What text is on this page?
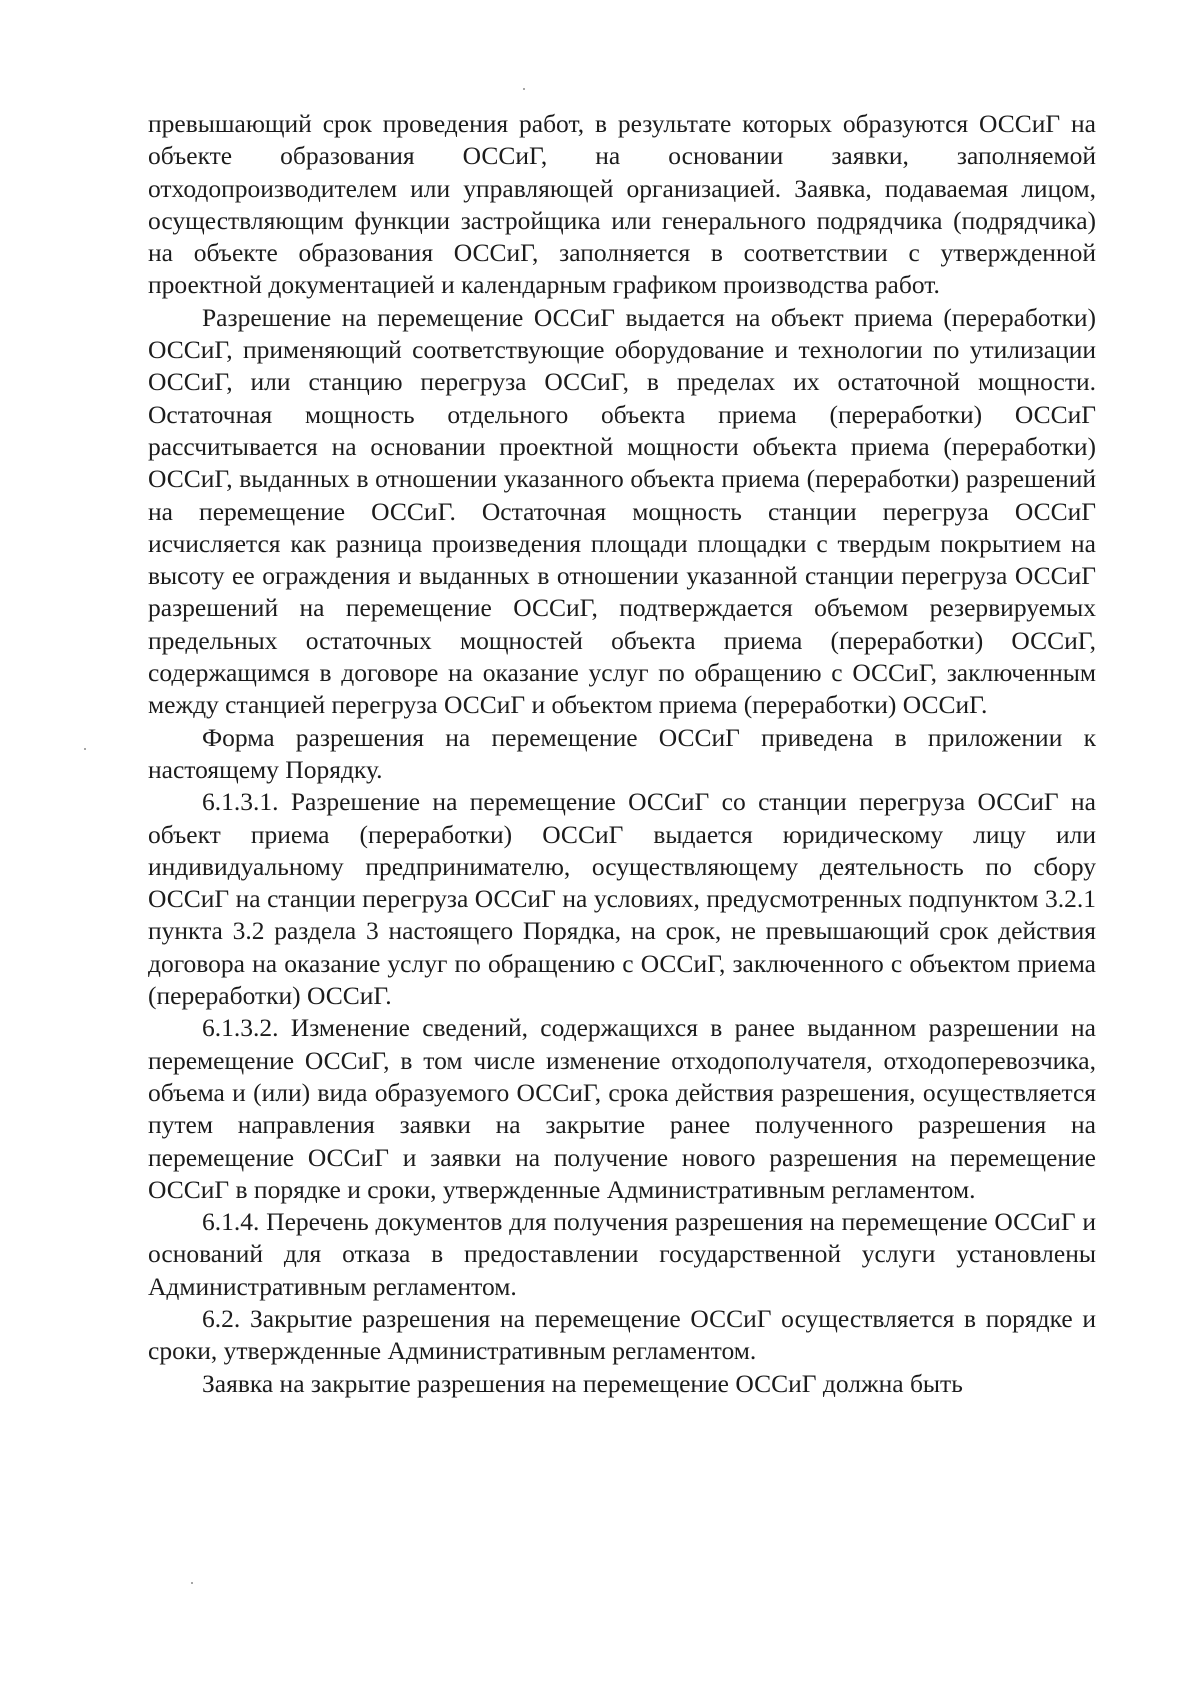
превышающий срок проведения работ, в результате которых образуются ОССиГ на объекте образования ОССиГ, на основании заявки, заполняемой отходопроизводителем или управляющей организацией. Заявка, подаваемая лицом, осуществляющим функции застройщика или генерального подрядчика (подрядчика) на объекте образования ОССиГ, заполняется в соответствии с утвержденной проектной документацией и календарным графиком производства работ.

Разрешение на перемещение ОССиГ выдается на объект приема (переработки) ОССиГ, применяющий соответствующие оборудование и технологии по утилизации ОССиГ, или станцию перегруза ОССиГ, в пределах их остаточной мощности. Остаточная мощность отдельного объекта приема (переработки) ОССиГ рассчитывается на основании проектной мощности объекта приема (переработки) ОССиГ, выданных в отношении указанного объекта приема (переработки) разрешений на перемещение ОССиГ. Остаточная мощность станции перегруза ОССиГ исчисляется как разница произведения площади площадки с твердым покрытием на высоту ее ограждения и выданных в отношении указанной станции перегруза ОССиГ разрешений на перемещение ОССиГ, подтверждается объемом резервируемых предельных остаточных мощностей объекта приема (переработки) ОССиГ, содержащимся в договоре на оказание услуг по обращению с ОССиГ, заключенным между станцией перегруза ОССиГ и объектом приема (переработки) ОССиГ.

Форма разрешения на перемещение ОССиГ приведена в приложении к настоящему Порядку.

6.1.3.1. Разрешение на перемещение ОССиГ со станции перегруза ОССиГ на объект приема (переработки) ОССиГ выдается юридическому лицу или индивидуальному предпринимателю, осуществляющему деятельность по сбору ОССиГ на станции перегруза ОССиГ на условиях, предусмотренных подпунктом 3.2.1 пункта 3.2 раздела 3 настоящего Порядка, на срок, не превышающий срок действия договора на оказание услуг по обращению с ОССиГ, заключенного с объектом приема (переработки) ОССиГ.

6.1.3.2. Изменение сведений, содержащихся в ранее выданном разрешении на перемещение ОССиГ, в том числе изменение отходополучателя, отходоперевозчика, объема и (или) вида образуемого ОССиГ, срока действия разрешения, осуществляется путем направления заявки на закрытие ранее полученного разрешения на перемещение ОССиГ и заявки на получение нового разрешения на перемещение ОССиГ в порядке и сроки, утвержденные Административным регламентом.

6.1.4. Перечень документов для получения разрешения на перемещение ОССиГ и оснований для отказа в предоставлении государственной услуги установлены Административным регламентом.

6.2. Закрытие разрешения на перемещение ОССиГ осуществляется в порядке и сроки, утвержденные Административным регламентом.

Заявка на закрытие разрешения на перемещение ОССиГ должна быть
